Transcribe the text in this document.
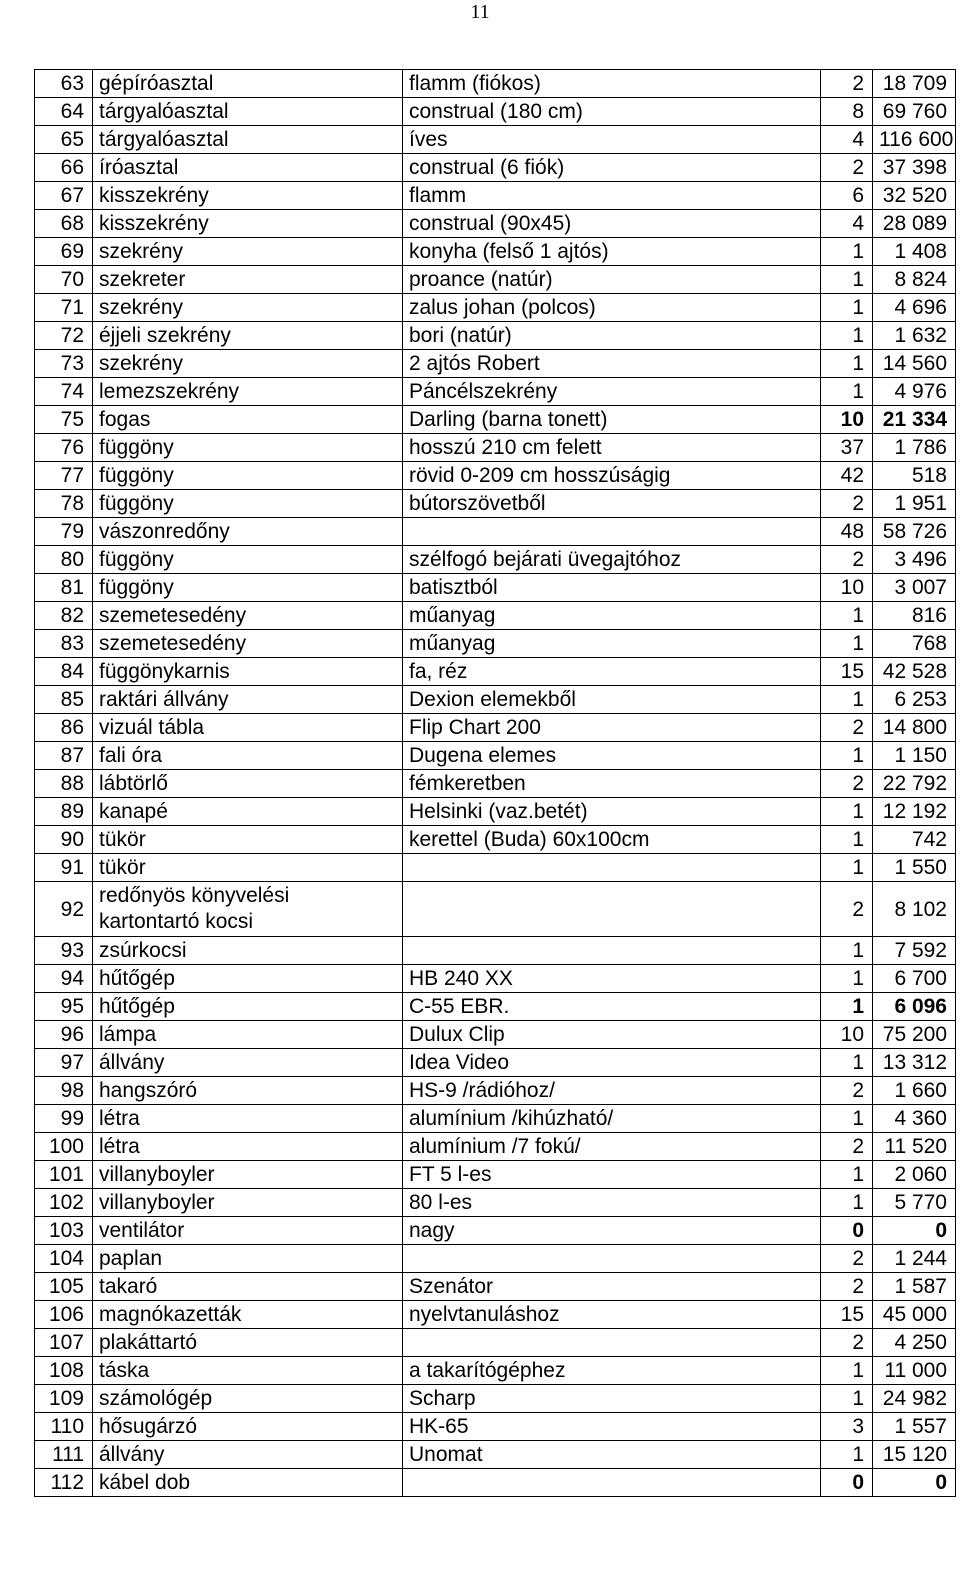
11
63	gépíróasztal	flamm (fiókos)	2	18 709
64	tárgyalóasztal	construal (180 cm)	8	69 760
65	tárgyalóasztal	íves	4	116 600
66	íróasztal	construal (6 fiók)	2	37 398
67	kisszekrény	flamm	6	32 520
68	kisszekrény	construal (90x45)	4	28 089
69	szekrény	konyha (felső 1 ajtós)	1	1 408
70	szekreter	proance (natúr)	1	8 824
71	szekrény	zalus johan (polcos)	1	4 696
72	éjjeli szekrény	bori (natúr)	1	1 632
73	szekrény	2 ajtós Robert	1	14 560
74	lemezszekrény	Páncélszekrény	1	4 976
75	fogas	Darling (barna tonett)	10	21 334
76	függöny	hosszú 210 cm felett	37	1 786
77	függöny	rövid 0-209 cm hosszúságig	42	518
78	függöny	bútorszövetből	2	1 951
79	vászonredőny		48	58 726
80	függöny	szélfogó bejárati üvegajtóhoz	2	3 496
81	függöny	batisztból	10	3 007
82	szemetesedény	műanyag	1	816
83	szemetesedény	műanyag	1	768
84	függönykarnis	fa, réz	15	42 528
85	raktári állvány	Dexion elemekből	1	6 253
86	vizuál tábla	Flip Chart 200	2	14 800
87	fali óra	Dugena elemes	1	1 150
88	lábtörlő	fémkeretben	2	22 792
89	kanapé	Helsinki (vaz.betét)	1	12 192
90	tükör	kerettel (Buda) 60x100cm	1	742
91	tükör		1	1 550
92	redőnyös könyvelési kartontartó kocsi		2	8 102
93	zsúrkocsi		1	7 592
94	hűtőgép	HB 240 XX	1	6 700
95	hűtőgép	C-55 EBR.	1	6 096
96	lámpa	Dulux Clip	10	75 200
97	állvány	Idea Video	1	13 312
98	hangszóró	HS-9 /rádióhoz/	2	1 660
99	létra	alumínium /kihúzható/	1	4 360
100	létra	alumínium /7 fokú/	2	11 520
101	villanyboyler	FT 5 l-es	1	2 060
102	villanyboyler	80 l-es	1	5 770
103	ventilátor	nagy	0	0
104	paplan		2	1 244
105	takaró	Szenátor	2	1 587
106	magnókazetták	nyelvtanuláshoz	15	45 000
107	plakáttartó		2	4 250
108	táska	a takarítógéphez	1	11 000
109	számológép	Scharp	1	24 982
110	hősugárzó	HK-65	3	1 557
111	állvány	Unomat	1	15 120
112	kábel dob		0	0
